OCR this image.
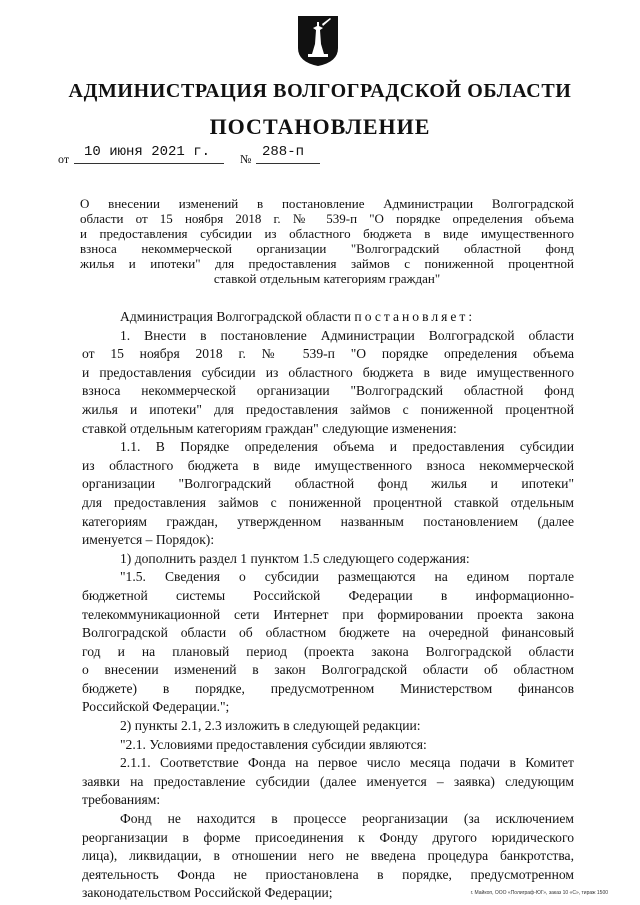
АДМИНИСТРАЦИЯ ВОЛГОГРАДСКОЙ ОБЛАСТИ
ПОСТАНОВЛЕНИЕ
от 10 июня 2021 г. № 288-п
О внесении изменений в постановление Администрации Волгоградской
области от 15 ноября 2018 г. № 539-п "О порядке определения объема
и предоставления субсидии из областного бюджета в виде имущественного
взноса некоммерческой организации "Волгоградский областной фонд
жилья и ипотеки" для предоставления займов с пониженной процентной
ставкой отдельным категориям граждан"
Администрация Волгоградской области постановляет:
1. Внести в постановление Администрации Волгоградской области
от 15 ноября 2018 г. № 539-п "О порядке определения объема
и предоставления субсидии из областного бюджета в виде имущественного
взноса некоммерческой организации "Волгоградский областной фонд
жилья и ипотеки" для предоставления займов с пониженной процентной
ставкой отдельным категориям граждан" следующие изменения:
1.1. В Порядке определения объема и предоставления субсидии
из областного бюджета в виде имущественного взноса некоммерческой
организации "Волгоградский областной фонд жилья и ипотеки"
для предоставления займов с пониженной процентной ставкой отдельным
категориям граждан, утвержденном названным постановлением (далее
именуется – Порядок):
1) дополнить раздел 1 пунктом 1.5 следующего содержания:
"1.5. Сведения о субсидии размещаются на едином портале
бюджетной системы Российской Федерации в информационно-
телекоммуникационной сети Интернет при формировании проекта закона
Волгоградской области об областном бюджете на очередной финансовый
год и на плановый период (проекта закона Волгоградской области
о внесении изменений в закон Волгоградской области об областном
бюджете) в порядке, предусмотренном Министерством финансов
Российской Федерации.";
2) пункты 2.1, 2.3 изложить в следующей редакции:
"2.1. Условиями предоставления субсидии являются:
2.1.1. Соответствие Фонда на первое число месяца подачи в Комитет
заявки на предоставление субсидии (далее именуется – заявка) следующим
требованиям:
Фонд не находится в процессе реорганизации (за исключением
реорганизации в форме присоединения к Фонду другого юридического
лица), ликвидации, в отношении него не введена процедура банкротства,
деятельность Фонда не приостановлена в порядке, предусмотренном
законодательством Российской Федерации;	г. Майкоп, ООО «Полиграф-ЮГ», заказ 10 «С», тираж 1500
